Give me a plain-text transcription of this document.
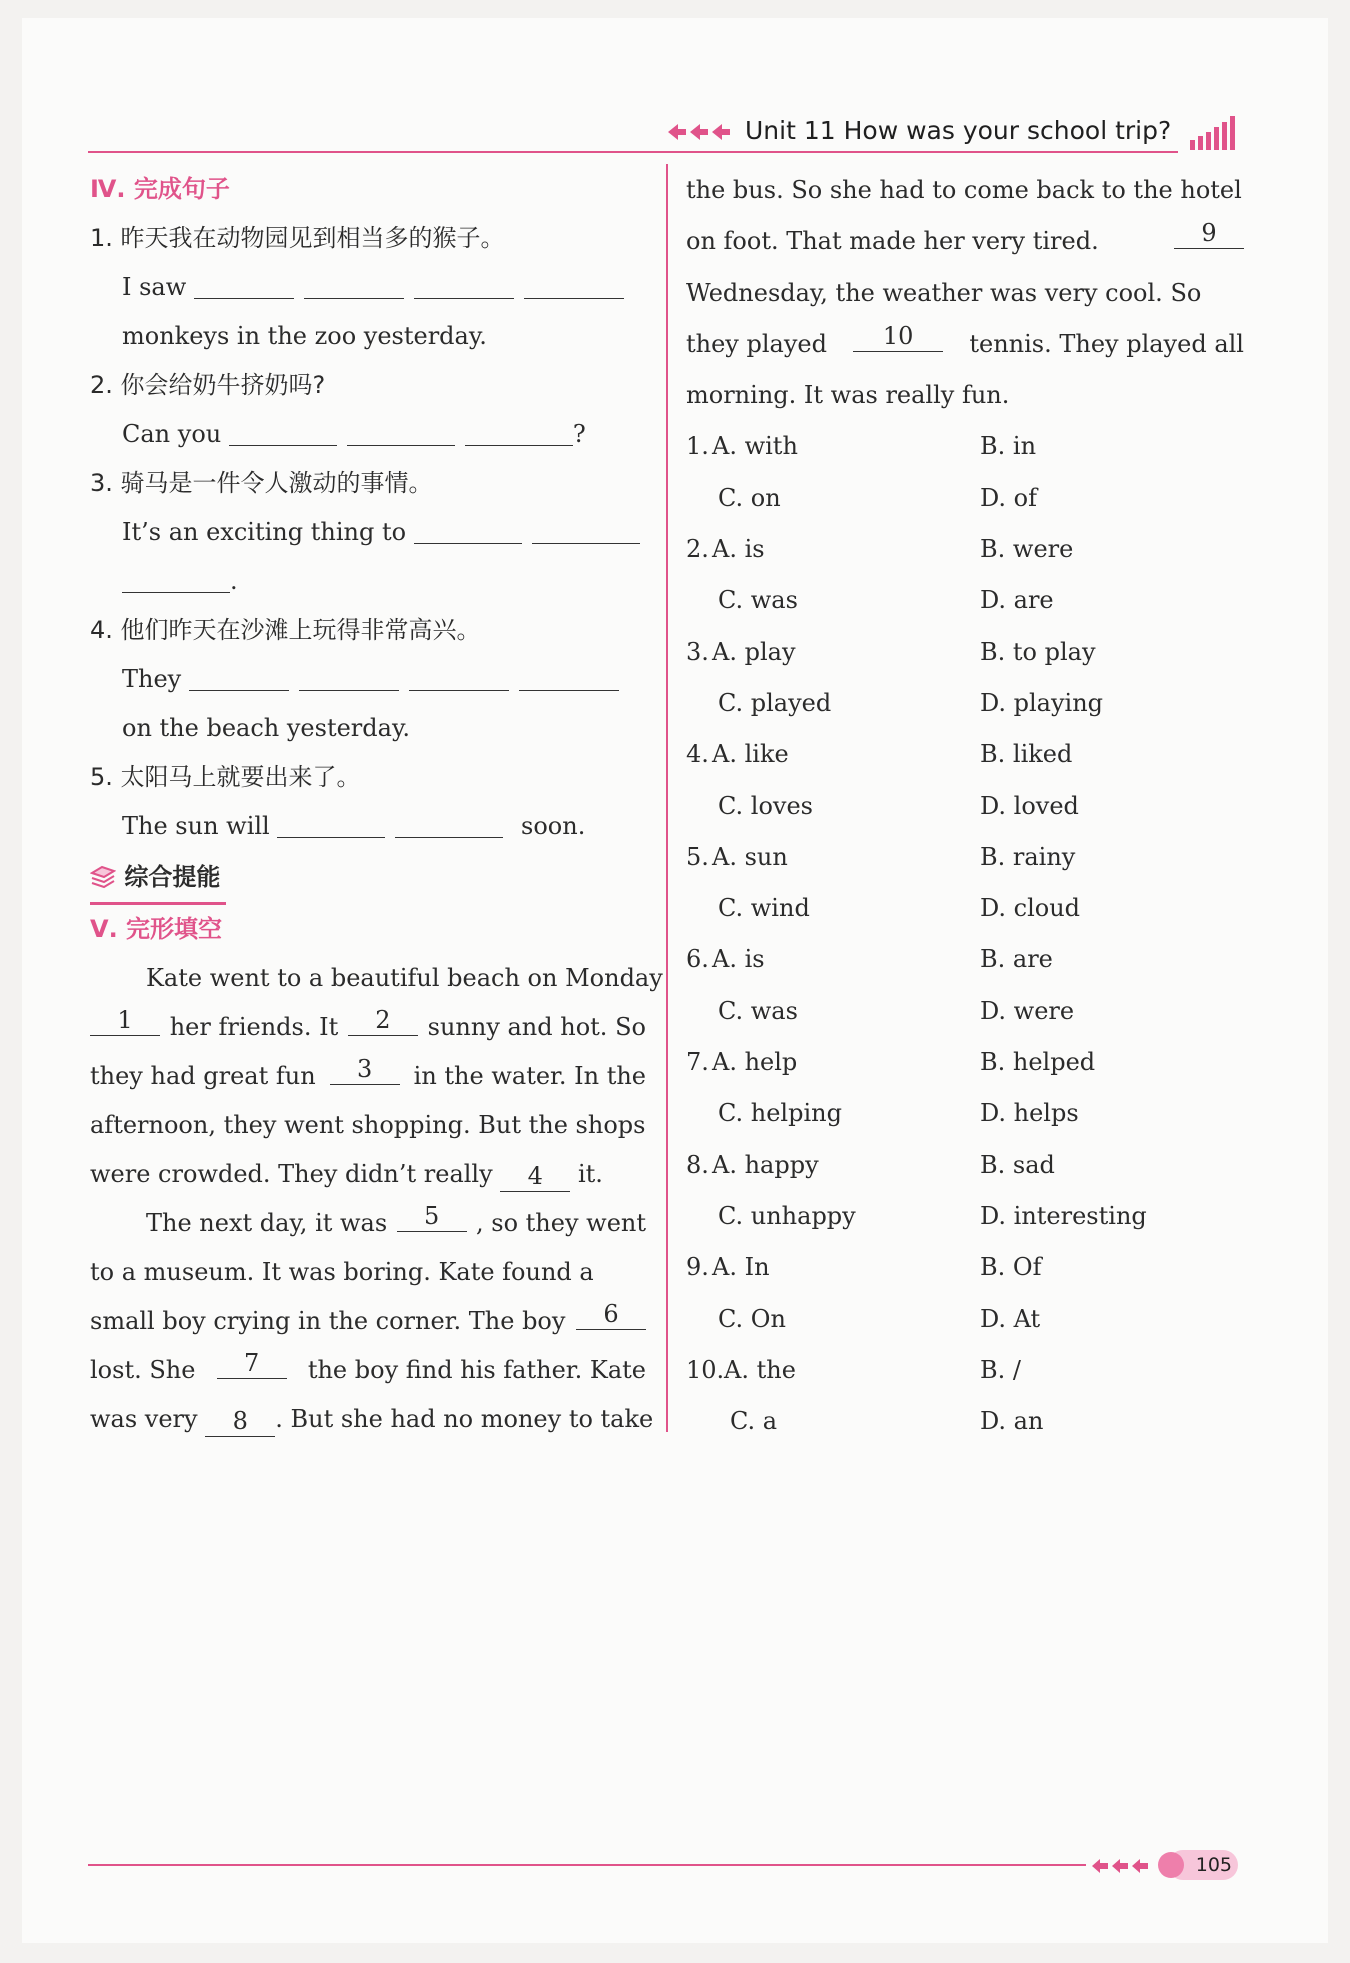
Unit 11 How was your school trip?
Ⅳ. 完成句子
1. 昨天我在动物园见到相当多的猴子。
I saw
monkeys in the zoo yesterday.
2. 你会给奶牛挤奶吗?
Can you	?
3. 骑马是一件令人激动的事情。
It’s an exciting thing to
.
4. 他们昨天在沙滩上玩得非常高兴。
They
on the beach yesterday.
5. 太阳马上就要出来了。
The sun will	soon.
综合提能
Ⅴ. 完形填空
Kate went to a beautiful beach on Monday
1	her friends. It	2	sunny and hot. So
they had great fun	3	in the water. In the
afternoon, they went shopping. But the shops
were crowded. They didn’t really 4 it.
The next day, it was	5	, so they went
to a museum. It was boring. Kate found a
small boy crying in the corner. The boy	6
lost. She	7	the boy find his father. Kate
was very 8 . But she had no money to take
the bus. So she had to come back to the hotel
on foot. That made her very tired.	9
Wednesday, the weather was very cool. So
they played	10	tennis. They played all
morning. It was really fun.
1. A. with	B. in
C. on	D. of
2. A. is	B. were
C. was	D. are
3. A. play	B. to play
C. played	D. playing
4. A. like	B. liked
C. loves	D. loved
5. A. sun	B. rainy
C. wind	D. cloud
6. A. is	B. are
C. was	D. were
7. A. help	B. helped
C. helping	D. helps
8. A. happy	B. sad
C. unhappy	D. interesting
9. A. In	B. Of
C. On	D. At
10. A. the	B. /
C. a	D. an
105
